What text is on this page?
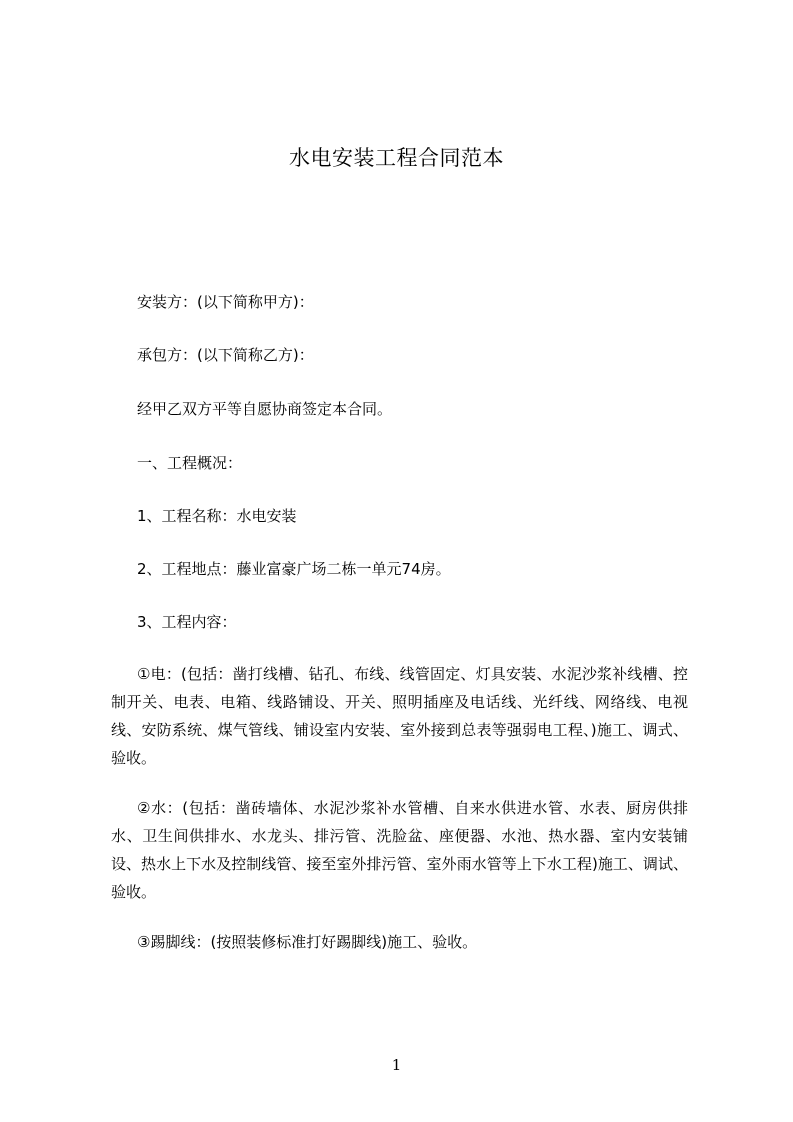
水电安装工程合同范本
安装方：(以下简称甲方)：
承包方：(以下简称乙方)：
经甲乙双方平等自愿协商签定本合同。
一、工程概况：
1、工程名称：水电安装
2、工程地点：藤业富豪广场二栋一单元74房。
3、工程内容：
①电：(包括：凿打线槽、钻孔、布线、线管固定、灯具安装、水泥沙浆补线槽、控制开关、电表、电箱、线路铺设、开关、照明插座及电话线、光纤线、网络线、电视线、安防系统、煤气管线、铺设室内安装、室外接到总表等强弱电工程、)施工、调式、验收。
②水：(包括：凿砖墙体、水泥沙浆补水管槽、自来水供进水管、水表、厨房供排水、卫生间供排水、水龙头、排污管、洗脸盆、座便器、水池、热水器、室内安装铺设、热水上下水及控制线管、接至室外排污管、室外雨水管等上下水工程)施工、调试、验收。
③踢脚线：(按照装修标准打好踢脚线)施工、验收。
1
